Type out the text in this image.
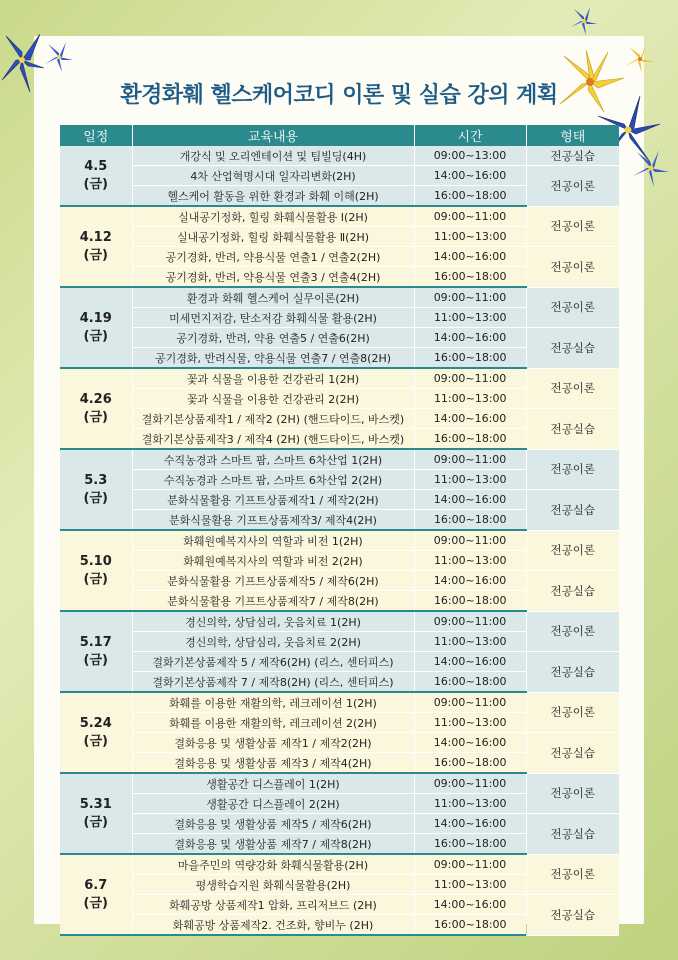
환경화훼 헬스케어코디 이론 및 실습 강의 계획
일정	교육내용	시간	형태

4.5
(금)	개강식 및 오리엔테이션 및 팀빌딩(4H)	09:00~13:00	전공실습
	4차 산업혁명시대 일자리변화(2H)	14:00~16:00	전공이론
	헬스케어 활동을 위한 환경과 화훼 이해(2H)	16:00~18:00	

4.12
(금)	실내공기정화, 힐링 화훼식물활용 Ⅰ(2H)	09:00~11:00	전공이론
	실내공기정화, 힐링 화훼식물활용 Ⅱ(2H)	11:00~13:00	
	공기경화, 반려, 약용식물 연출1 / 연출2(2H)	14:00~16:00	전공이론
	공기경화, 반려, 약용식물 연출3 / 연출4(2H)	16:00~18:00	

4.19
(금)	환경과 화훼 헬스케어 실무이론(2H)	09:00~11:00	전공이론
	미세먼지저감, 탄소저감 화훼식물 활용(2H)	11:00~13:00	
	공기경화, 반려, 약용 연출5 / 연출6(2H)	14:00~16:00	전공실습
	공기경화, 반려식물, 약용식물 연출7 / 연출8(2H)	16:00~18:00	

4.26
(금)	꽃과 식물을 이용한 건강관리 1(2H)	09:00~11:00	전공이론
	꽃과 식물을 이용한 건강관리 2(2H)	11:00~13:00	
	결화기본상품제작1 / 제작2 (2H) (핸드타이드, 바스켓)	14:00~16:00	전공실습
	결화기본상품제작3 / 제작4 (2H) (핸드타이드, 바스켓)	16:00~18:00	

5.3
(금)	수직농경과 스마트 팜, 스마트 6차산업 1(2H)	09:00~11:00	전공이론
	수직농경과 스마트 팜, 스마트 6차산업 2(2H)	11:00~13:00	
	분화식물활용 기프트상품제작1 / 제작2(2H)	14:00~16:00	전공실습
	분화식물활용 기프트상품제작3/ 제작4(2H)	16:00~18:00	

5.10
(금)	화훼원예복지사의 역할과 비전 1(2H)	09:00~11:00	전공이론
	화훼원예복지사의 역할과 비전 2(2H)	11:00~13:00	
	분화식물활용 기프트상품제작5 / 제작6(2H)	14:00~16:00	전공실습
	분화식물활용 기프트상품제작7 / 제작8(2H)	16:00~18:00	

5.17
(금)	경신의학, 상담심리, 웃음치료 1(2H)	09:00~11:00	전공이론
	경신의학, 상담심리, 웃음치료 2(2H)	11:00~13:00	
	결화기본상품제작 5 / 제작6(2H) (리스, 센터피스)	14:00~16:00	전공실습
	결화기본상품제작 7 / 제작8(2H) (리스, 센터피스)	16:00~18:00	

5.24
(금)	화훼를 이용한 재활의학, 레크레이션 1(2H)	09:00~11:00	전공이론
	화훼를 이용한 재활의학, 레크레이션 2(2H)	11:00~13:00	
	결화응용 및 생활상품 제작1 / 제작2(2H)	14:00~16:00	전공실습
	결화응용 및 생활상품 제작3 / 제작4(2H)	16:00~18:00	

5.31
(금)	생활공간 디스플레이 1(2H)	09:00~11:00	전공이론
	생활공간 디스플레이 2(2H)	11:00~13:00	
	결화응용 및 생활상품 제작5 / 제작6(2H)	14:00~16:00	전공실습
	결화응용 및 생활상품 제작7 / 제작8(2H)	16:00~18:00	

6.7
(금)	마을주민의 역량강화 화훼식물활용(2H)	09:00~11:00	전공이론
	평생학습지원 화훼식물활용(2H)	11:00~13:00	
	화훼공방 상품제작1 압화, 프리저브드 (2H)	14:00~16:00	전공실습
	화훼공방 상품제작2. 건조화, 향비누 (2H)	16:00~18:00	
